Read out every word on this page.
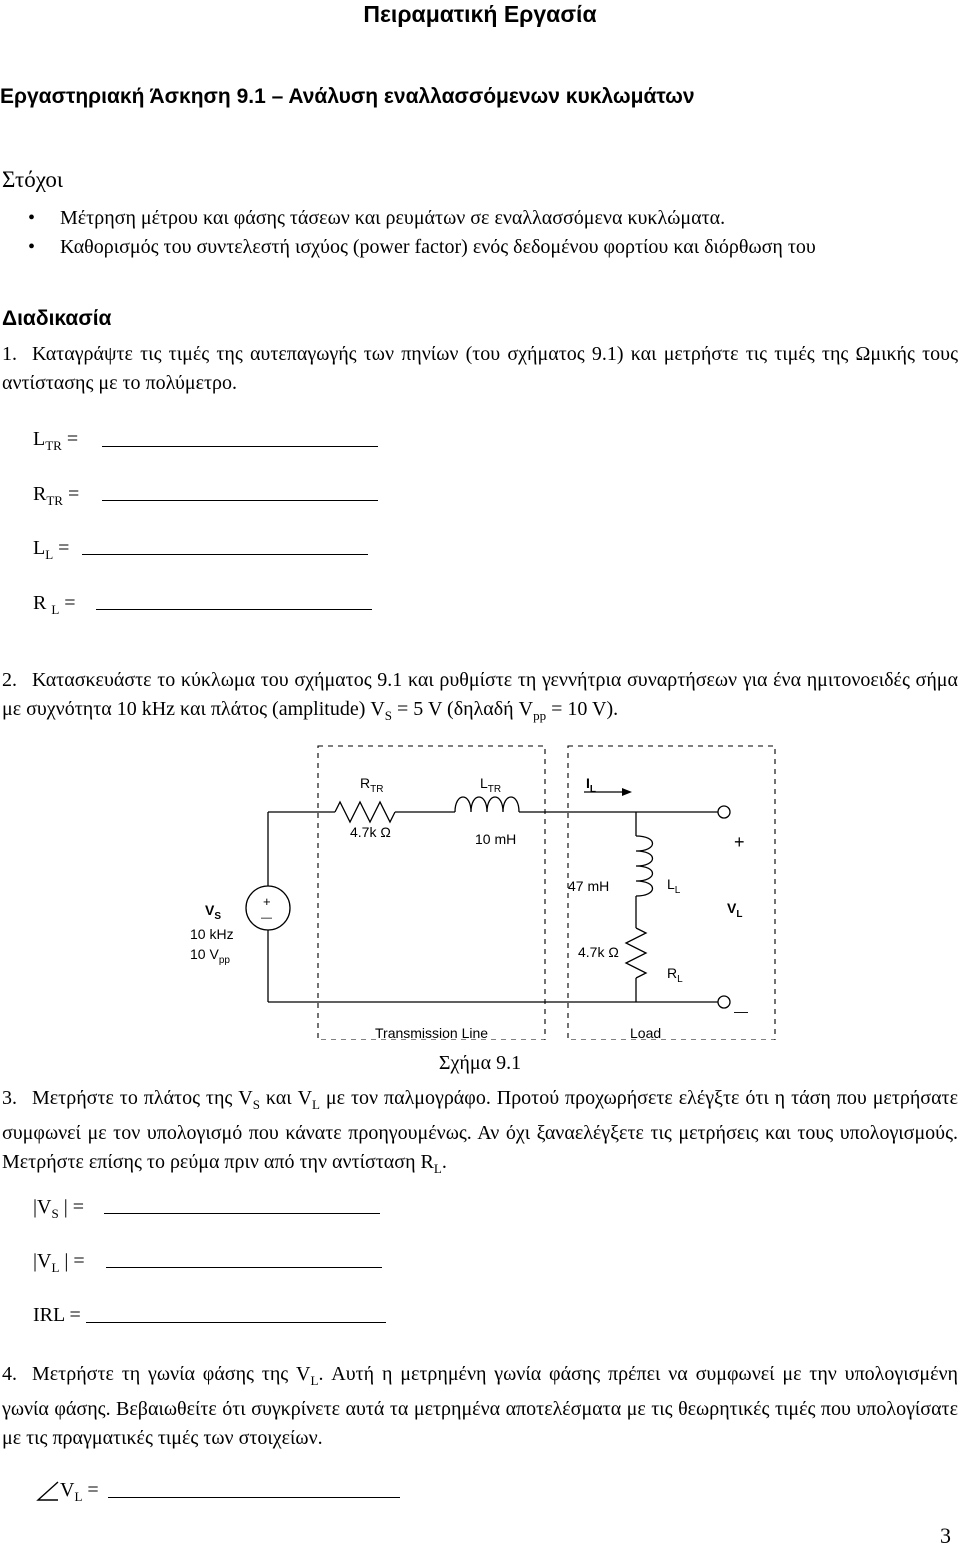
Πειραματική Εργασία
Εργαστηριακή Άσκηση 9.1 – Ανάλυση εναλλασσόμενων κυκλωμάτων
Στόχοι
• Μέτρηση μέτρου και φάσης τάσεων και ρευμάτων σε εναλλασσόμενα κυκλώματα.
• Καθορισμός του συντελεστή ισχύος (power factor) ενός δεδομένου φορτίου και διόρθωση του
Διαδικασία

1. Καταγράψτε τις τιμές της αυτεπαγωγής των πηνίων (του σχήματος 9.1) και μετρήστε τις τιμές της Ωμικής τους αντίστασης με το πολύμετρο.

$L_{TR}$ =
$R_{TR}$ =
$L_L$ =
R $_L$ =

2. Κατασκευάστε το κύκλωμα του σχήματος 9.1 και ρυθμίστε τη γεννήτρια συναρτήσεων για ένα ημιτονοειδές σήμα με συχνότητα 10 kHz και πλάτος (amplitude) $V_S = 5$ V (δηλαδή $V_{pp} = 10$ V).

$R_{TR}$	$L_{TR}$	$I_L$
4.7k Ω	10 mH	+
47 mH	$L_L$
$V_L$
$V_S$
10 kHz
10 $V_{pp}$
+
—
4.7k Ω
$R_L$
—
Transmission Line	Load
Σχήμα 9.1

3. Μετρήστε το πλάτος της $V_S$ και $V_L$ με τον παλμογράφο. Προτού προχωρήσετε ελέγξτε ότι η τάση που μετρήσατε συμφωνεί με τον υπολογισμό που κάνατε προηγουμένως. Αν όχι ξαναελέγξετε τις μετρήσεις και τους υπολογισμούς. Μετρήστε επίσης το ρεύμα πριν από την αντίσταση $R_L$.

$|V_S$ | =
$|V_L$ | =
IRL =

4. Μετρήστε τη γωνία φάσης της $V_L$. Αυτή η μετρημένη γωνία φάσης πρέπει να συμφωνεί με την υπολογισμένη γωνία φάσης. Βεβαιωθείτε ότι συγκρίνετε αυτά τα μετρημένα αποτελέσματα με τις θεωρητικές τιμές που υπολογίσατε με τις πραγματικές τιμές των στοιχείων.

$V_L$ =
3
